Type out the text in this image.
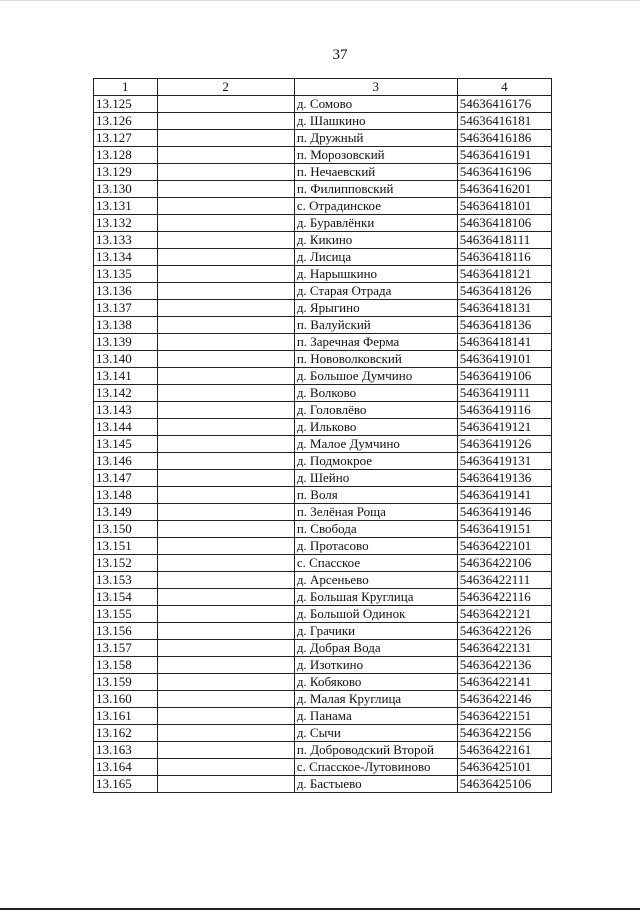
37
1	2	3	4
13.125		д. Сомово	54636416176
13.126		д. Шашкино	54636416181
13.127		п. Дружный	54636416186
13.128		п. Морозовский	54636416191
13.129		п. Нечаевский	54636416196
13.130		п. Филипповский	54636416201
13.131		с. Отрадинское	54636418101
13.132		д. Буравлёнки	54636418106
13.133		д. Кикино	54636418111
13.134		д. Лисица	54636418116
13.135		д. Нарышкино	54636418121
13.136		д. Старая Отрада	54636418126
13.137		д. Ярыгино	54636418131
13.138		п. Валуйский	54636418136
13.139		п. Заречная Ферма	54636418141
13.140		п. Нововолковский	54636419101
13.141		д. Большое Думчино	54636419106
13.142		д. Волково	54636419111
13.143		д. Головлёво	54636419116
13.144		д. Ильково	54636419121
13.145		д. Малое Думчино	54636419126
13.146		д. Подмокрое	54636419131
13.147		д. Шейно	54636419136
13.148		п. Воля	54636419141
13.149		п. Зелёная Роща	54636419146
13.150		п. Свобода	54636419151
13.151		д. Протасово	54636422101
13.152		с. Спасское	54636422106
13.153		д. Арсеньево	54636422111
13.154		д. Большая Круглица	54636422116
13.155		д. Большой Одинок	54636422121
13.156		д. Грачики	54636422126
13.157		д. Добрая Вода	54636422131
13.158		д. Изоткино	54636422136
13.159		д. Кобяково	54636422141
13.160		д. Малая Круглица	54636422146
13.161		д. Панама	54636422151
13.162		д. Сычи	54636422156
13.163		п. Доброводский Второй	54636422161
13.164		с. Спасское-Лутовиново	54636425101
13.165		д. Бастыево	54636425106
